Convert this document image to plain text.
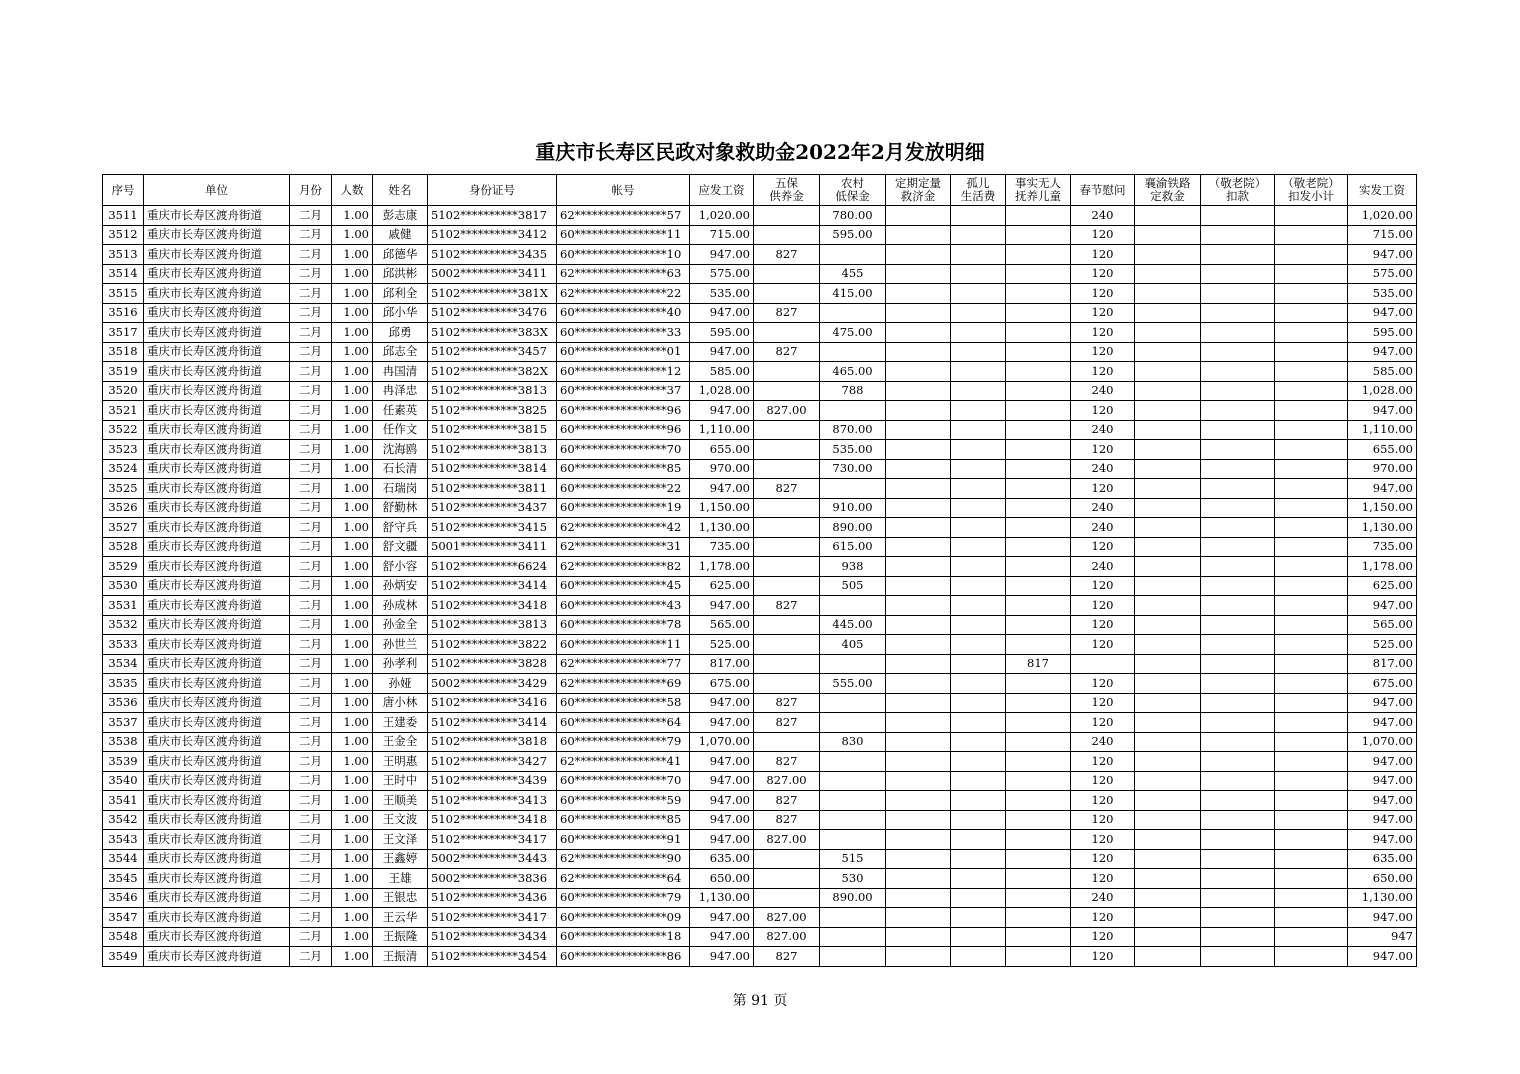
重庆市长寿区民政对象救助金2022年2月发放明细
序号	单位	月份	人数	姓名	身份证号	帐号	应发工资	五保
供养金	农村
低保金	定期定量
救济金	孤儿
生活费	事实无人
抚养儿童	春节慰问	襄渝铁路
定救金	（敬老院）
扣款	（敬老院）
扣发小计	实发工资
3511	重庆市长寿区渡舟街道	二月	1.00	彭志康	5102**********3817	62****************57	1,020.00		780.00				240				1,020.00
3512	重庆市长寿区渡舟街道	二月	1.00	戚健	5102**********3412	60****************11	715.00		595.00				120				715.00
3513	重庆市长寿区渡舟街道	二月	1.00	邱德华	5102**********3435	60****************10	947.00	827					120				947.00
3514	重庆市长寿区渡舟街道	二月	1.00	邱洪彬	5002**********3411	62****************63	575.00		455				120				575.00
3515	重庆市长寿区渡舟街道	二月	1.00	邱利全	5102**********381X	62****************22	535.00		415.00				120				535.00
3516	重庆市长寿区渡舟街道	二月	1.00	邱小华	5102**********3476	60****************40	947.00	827					120				947.00
3517	重庆市长寿区渡舟街道	二月	1.00	邱勇	5102**********383X	60****************33	595.00		475.00				120				595.00
3518	重庆市长寿区渡舟街道	二月	1.00	邱志全	5102**********3457	60****************01	947.00	827					120				947.00
3519	重庆市长寿区渡舟街道	二月	1.00	冉国清	5102**********382X	60****************12	585.00		465.00				120				585.00
3520	重庆市长寿区渡舟街道	二月	1.00	冉泽忠	5102**********3813	60****************37	1,028.00		788				240				1,028.00
3521	重庆市长寿区渡舟街道	二月	1.00	任素英	5102**********3825	60****************96	947.00	827.00					120				947.00
3522	重庆市长寿区渡舟街道	二月	1.00	任作文	5102**********3815	60****************96	1,110.00		870.00				240				1,110.00
3523	重庆市长寿区渡舟街道	二月	1.00	沈海鸥	5102**********3813	60****************70	655.00		535.00				120				655.00
3524	重庆市长寿区渡舟街道	二月	1.00	石长清	5102**********3814	60****************85	970.00		730.00				240				970.00
3525	重庆市长寿区渡舟街道	二月	1.00	石瑞岗	5102**********3811	60****************22	947.00	827					120				947.00
3526	重庆市长寿区渡舟街道	二月	1.00	舒勤林	5102**********3437	60****************19	1,150.00		910.00				240				1,150.00
3527	重庆市长寿区渡舟街道	二月	1.00	舒守兵	5102**********3415	62****************42	1,130.00		890.00				240				1,130.00
3528	重庆市长寿区渡舟街道	二月	1.00	舒文疆	5001**********3411	62****************31	735.00		615.00				120				735.00
3529	重庆市长寿区渡舟街道	二月	1.00	舒小容	5102**********6624	62****************82	1,178.00		938				240				1,178.00
3530	重庆市长寿区渡舟街道	二月	1.00	孙炳安	5102**********3414	60****************45	625.00		505				120				625.00
3531	重庆市长寿区渡舟街道	二月	1.00	孙成林	5102**********3418	60****************43	947.00	827					120				947.00
3532	重庆市长寿区渡舟街道	二月	1.00	孙金全	5102**********3813	60****************78	565.00		445.00				120				565.00
3533	重庆市长寿区渡舟街道	二月	1.00	孙世兰	5102**********3822	60****************11	525.00		405				120				525.00
3534	重庆市长寿区渡舟街道	二月	1.00	孙孝利	5102**********3828	62****************77	817.00					817					817.00
3535	重庆市长寿区渡舟街道	二月	1.00	孙娅	5002**********3429	62****************69	675.00		555.00				120				675.00
3536	重庆市长寿区渡舟街道	二月	1.00	唐小林	5102**********3416	60****************58	947.00	827					120				947.00
3537	重庆市长寿区渡舟街道	二月	1.00	王建委	5102**********3414	60****************64	947.00	827					120				947.00
3538	重庆市长寿区渡舟街道	二月	1.00	王金全	5102**********3818	60****************79	1,070.00		830				240				1,070.00
3539	重庆市长寿区渡舟街道	二月	1.00	王明惠	5102**********3427	62****************41	947.00	827					120				947.00
3540	重庆市长寿区渡舟街道	二月	1.00	王时中	5102**********3439	60****************70	947.00	827.00					120				947.00
3541	重庆市长寿区渡舟街道	二月	1.00	王顺美	5102**********3413	60****************59	947.00	827					120				947.00
3542	重庆市长寿区渡舟街道	二月	1.00	王文波	5102**********3418	60****************85	947.00	827					120				947.00
3543	重庆市长寿区渡舟街道	二月	1.00	王文泽	5102**********3417	60****************91	947.00	827.00					120				947.00
3544	重庆市长寿区渡舟街道	二月	1.00	王鑫婷	5002**********3443	62****************90	635.00		515				120				635.00
3545	重庆市长寿区渡舟街道	二月	1.00	王雄	5002**********3836	62****************64	650.00		530				120				650.00
3546	重庆市长寿区渡舟街道	二月	1.00	王银忠	5102**********3436	60****************79	1,130.00		890.00				240				1,130.00
3547	重庆市长寿区渡舟街道	二月	1.00	王云华	5102**********3417	60****************09	947.00	827.00					120				947.00
3548	重庆市长寿区渡舟街道	二月	1.00	王振隆	5102**********3434	60****************18	947.00	827.00					120				947
3549	重庆市长寿区渡舟街道	二月	1.00	王振清	5102**********3454	60****************86	947.00	827					120				947.00
第 91 页
